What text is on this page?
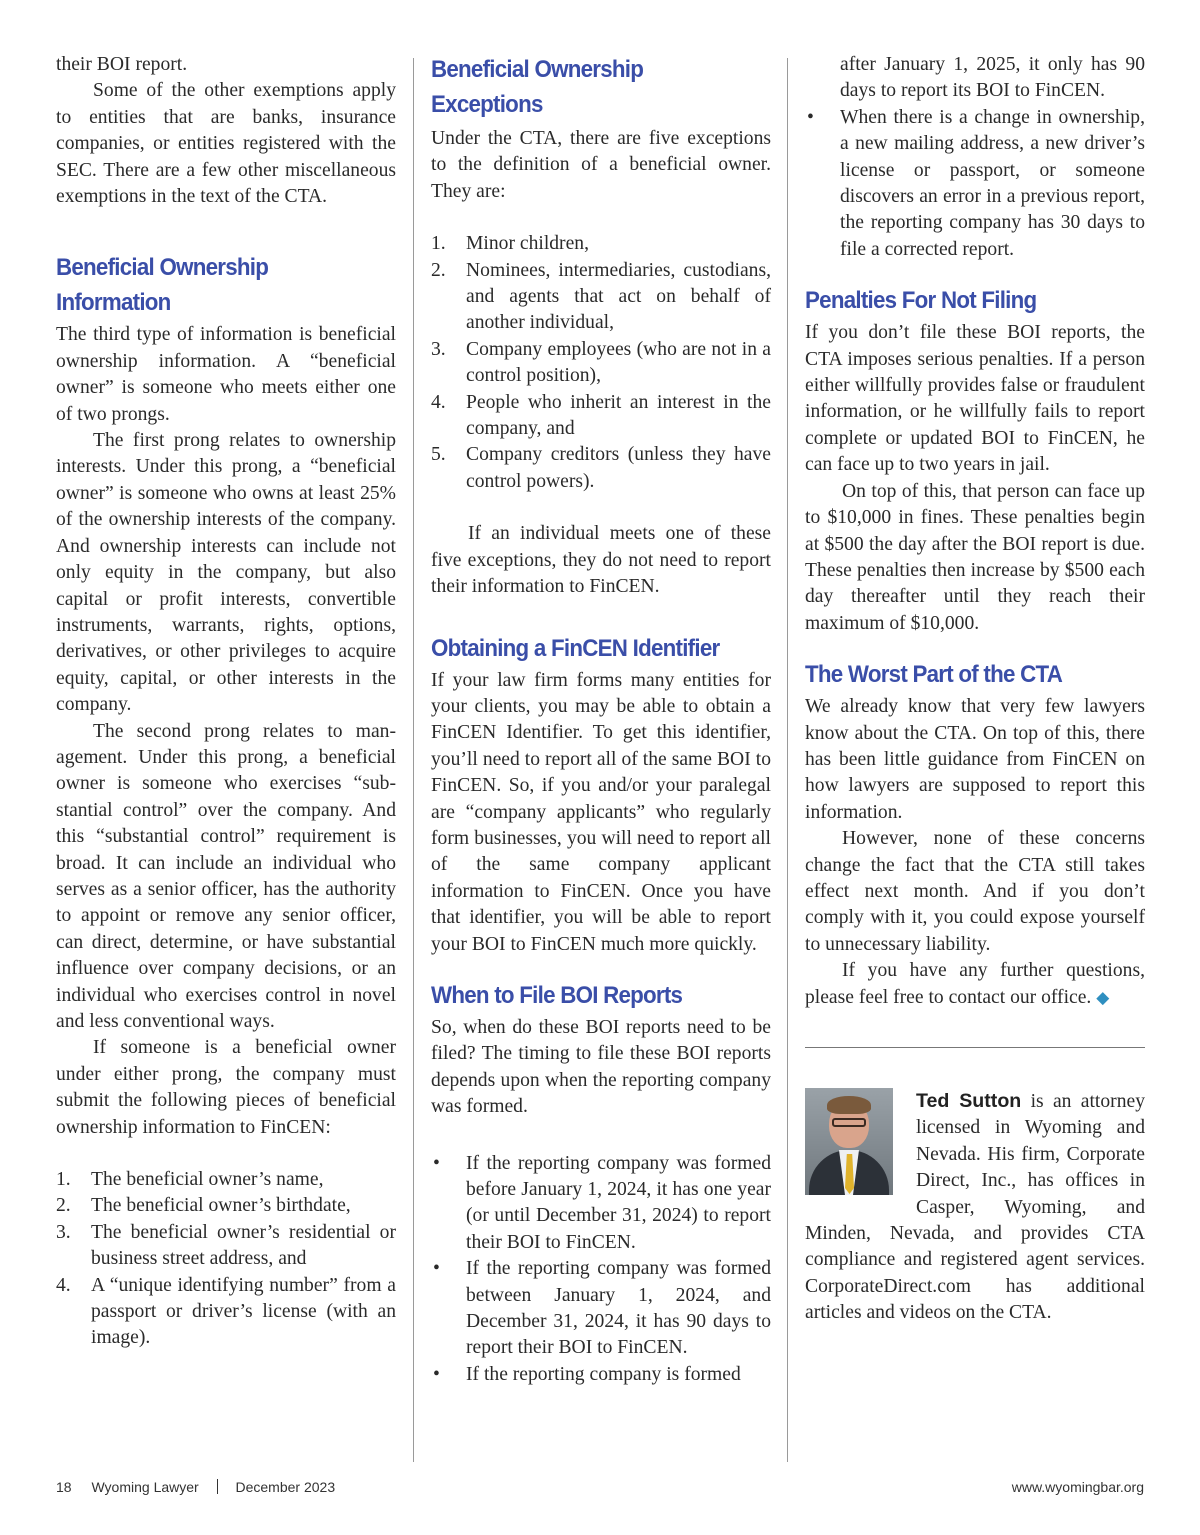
their BOI report.

Some of the other exemptions apply to entities that are banks, insurance companies, or entities registered with the SEC. There are a few other miscellaneous exemptions in the text of the CTA.

Beneficial Ownership Information

The third type of information is beneficial ownership information. A “beneficial owner” is someone who meets either one of two prongs.

The first prong relates to ownership interests. Under this prong, a “beneficial owner” is someone who owns at least 25% of the ownership interests of the company. And ownership interests can include not only equity in the company, but also capital or profit interests, convertible instruments, warrants, rights, options, derivatives, or other privileges to acquire equity, capital, or other interests in the company.

The second prong relates to management. Under this prong, a beneficial owner is someone who exercises “substantial control” over the company. And this “substantial control” requirement is broad. It can include an individual who serves as a senior officer, has the authority to appoint or remove any senior officer, can direct, determine, or have substantial influence over company decisions, or an individual who exercises control in novel and less conventional ways.

If someone is a beneficial owner under either prong, the company must submit the following pieces of beneficial ownership information to FinCEN:

1. The beneficial owner’s name,
2. The beneficial owner’s birthdate,
3. The beneficial owner’s residential or business street address, and
4. A “unique identifying number” from a passport or driver’s license (with an image).
Beneficial Ownership Exceptions

Under the CTA, there are five exceptions to the definition of a beneficial owner. They are:

1. Minor children,
2. Nominees, intermediaries, custodians, and agents that act on behalf of another individual,
3. Company employees (who are not in a control position),
4. People who inherit an interest in the company, and
5. Company creditors (unless they have control powers).

If an individual meets one of these five exceptions, they do not need to report their information to FinCEN.

Obtaining a FinCEN Identifier

If your law firm forms many entities for your clients, you may be able to obtain a FinCEN Identifier. To get this identifier, you’ll need to report all of the same BOI to FinCEN. So, if you and/or your paralegal are “company applicants” who regularly form businesses, you will need to report all of the same company applicant information to FinCEN. Once you have that identifier, you will be able to report your BOI to FinCEN much more quickly.

When to File BOI Reports

So, when do these BOI reports need to be filed? The timing to file these BOI reports depends upon when the reporting company was formed.

• If the reporting company was formed before January 1, 2024, it has one year (or until December 31, 2024) to report their BOI to FinCEN.
• If the reporting company was formed between January 1, 2024, and December 31, 2024, it has 90 days to report their BOI to FinCEN.
• If the reporting company is formed

after January 1, 2025, it only has 90 days to report its BOI to FinCEN.

• When there is a change in ownership, a new mailing address, a new driver’s license or passport, or someone discovers an error in a previous report, the reporting company has 30 days to file a corrected report.
Penalties For Not Filing

If you don’t file these BOI reports, the CTA imposes serious penalties. If a person either willfully provides false or fraudulent information, or he willfully fails to report complete or updated BOI to FinCEN, he can face up to two years in jail.

On top of this, that person can face up to $10,000 in fines. These penalties begin at $500 the day after the BOI report is due. These penalties then increase by $500 each day thereafter until they reach their maximum of $10,000.

The Worst Part of the CTA

We already know that very few lawyers know about the CTA. On top of this, there has been little guidance from FinCEN on how lawyers are supposed to report this information.

However, none of these concerns change the fact that the CTA still takes effect next month. And if you don’t comply with it, you could expose yourself to unnecessary liability.

If you have any further questions, please feel free to contact our office. ◆

Ted Sutton is an attorney licensed in Wyoming and Nevada. His firm, Corporate Direct, Inc., has offices in Casper, Wyoming, and Minden, Nevada, and provides CTA compliance and registered agent services. CorporateDirect.com has additional articles and videos on the CTA.

18 Wyoming Lawyer	December 2023	www.wyomingbar.org
